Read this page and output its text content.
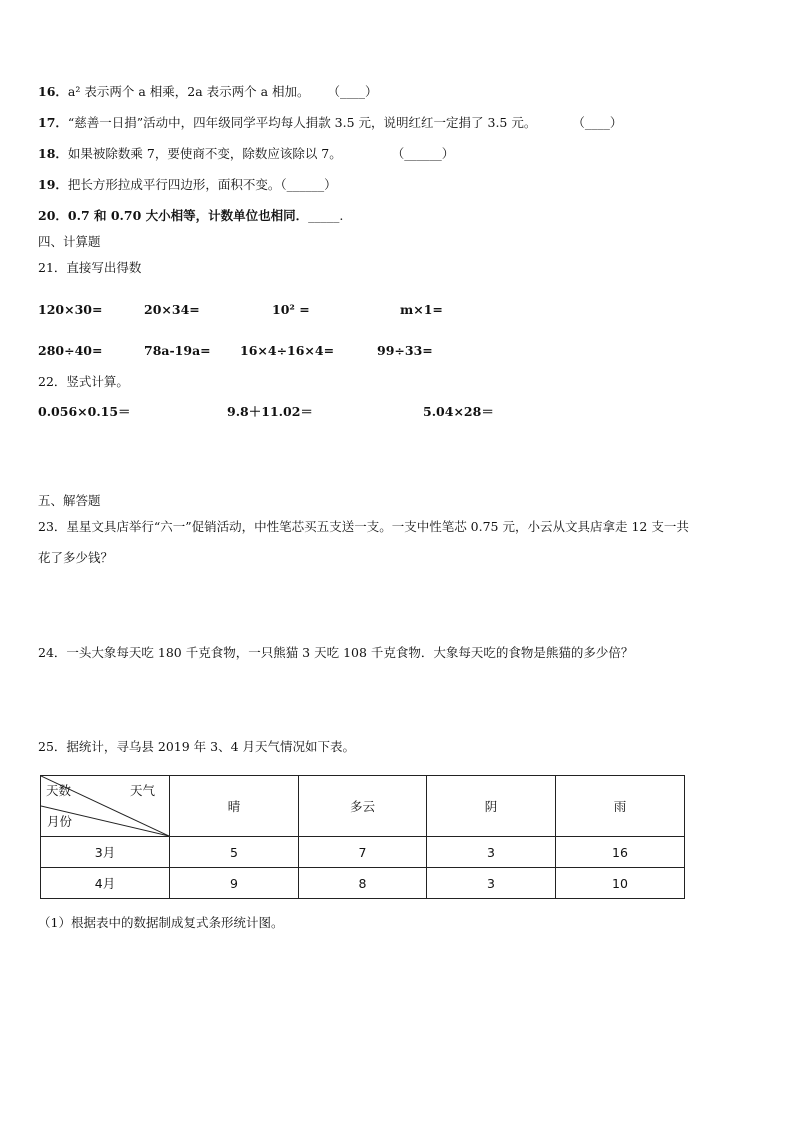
16．a² 表示两个 a 相乘，2a 表示两个 a 相加。 （____）
17．“慈善一日捐”活动中，四年级同学平均每人捐款 3.5 元，说明红红一定捐了 3.5 元。	（____）
18．如果被除数乘 7，要使商不变，除数应该除以 7。	（______）
19．把长方形拉成平行四边形，面积不变。（______）
20．0.7 和 0.70 大小相等，计数单位也相同．_____.
四、计算题
21．直接写出得数
120×30=	20×34=	10² =	m×1=
280÷40=	78a-19a= 16×4÷16×4=	99÷33=
22．竖式计算。
0.056×0.15＝	9.8＋11.02＝	5.04×28＝
五、解答题
23．星星文具店举行“六一”促销活动，中性笔芯买五支送一支。一支中性笔芯 0.75 元，小云从文具店拿走 12 支一共
花了多少钱？
24．一头大象每天吃 180 千克食物，一只熊猫 3 天吃 108 千克食物．大象每天吃的食物是熊猫的多少倍？
25．据统计，寻乌县 2019 年 3、4 月天气情况如下表。
天数 天气
月份	晴	多云	阴	雨
3月	5	7	3	16
4月	9	8	3	10
（1）根据表中的数据制成复式条形统计图。
